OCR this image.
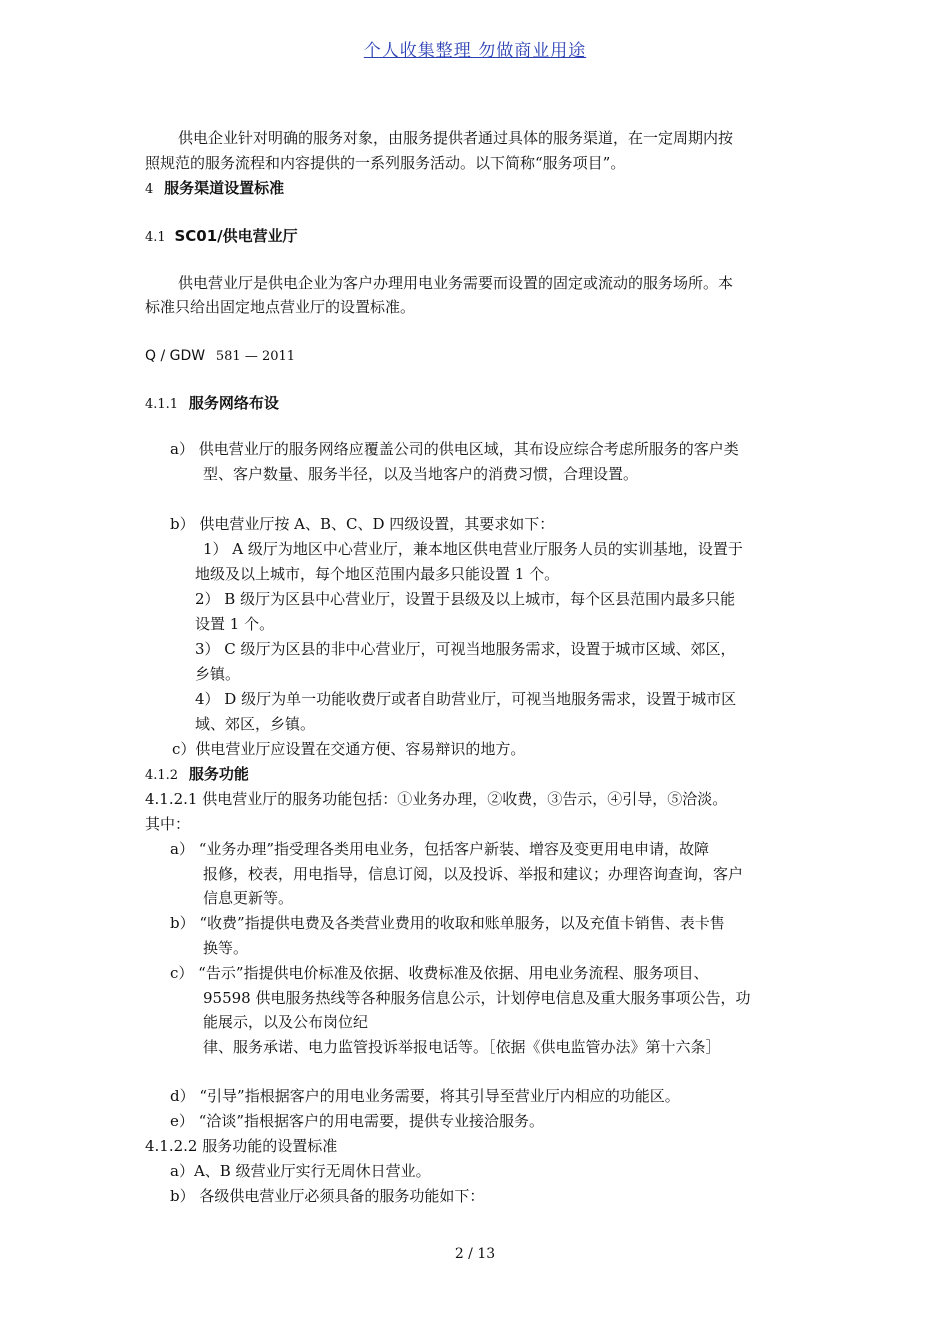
个人收集整理 勿做商业用途
供电企业针对明确的服务对象，由服务提供者通过具体的服务渠道，在一定周期内按
照规范的服务流程和内容提供的一系列服务活动。以下简称“服务项目”。
4 服务渠道设置标准
4.1 SC01/供电营业厅
供电营业厅是供电企业为客户办理用电业务需要而设置的固定或流动的服务场所。本
标准只给出固定地点营业厅的设置标准。
Q / GDW 581 — 2011
4.1.1 服务网络布设
a） 供电营业厅的服务网络应覆盖公司的供电区域，其布设应综合考虑所服务的客户类
型、客户数量、服务半径，以及当地客户的消费习惯，合理设置。
b） 供电营业厅按 A、B、C、D 四级设置，其要求如下：
1） A 级厅为地区中心营业厅，兼本地区供电营业厅服务人员的实训基地，设置于
地级及以上城市，每个地区范围内最多只能设置 1 个。
2） B 级厅为区县中心营业厅，设置于县级及以上城市，每个区县范围内最多只能
设置 1 个。
3） C 级厅为区县的非中心营业厅，可视当地服务需求，设置于城市区域、郊区，
乡镇。
4） D 级厅为单一功能收费厅或者自助营业厅，可视当地服务需求，设置于城市区
域、郊区，乡镇。
c）供电营业厅应设置在交通方便、容易辩识的地方。
4.1.2 服务功能
4.1.2.1 供电营业厅的服务功能包括：①业务办理，②收费，③告示，④引导，⑤洽淡。
其中：
a） “业务办理”指受理各类用电业务，包括客户新装、增容及变更用电申请，故障
报修，校表，用电指导，信息订阅，以及投诉、举报和建议；办理咨询查询，客户
信息更新等。
b） “收费”指提供电费及各类营业费用的收取和账单服务，以及充值卡销售、表卡售
换等。
c） “告示”指提供电价标准及依据、收费标准及依据、用电业务流程、服务项目、
95598 供电服务热线等各种服务信息公示，计划停电信息及重大服务事项公告，功
能展示，以及公布岗位纪
律、服务承诺、电力监管投诉举报电话等。［依据《供电监管办法》第十六条］
d） “引导”指根据客户的用电业务需要，将其引导至营业厅内相应的功能区。
e） “洽谈”指根据客户的用电需要，提供专业接洽服务。
4.1.2.2 服务功能的设置标准
a）A、B 级营业厅实行无周休日营业。
b） 各级供电营业厅必须具备的服务功能如下：
2 / 13
